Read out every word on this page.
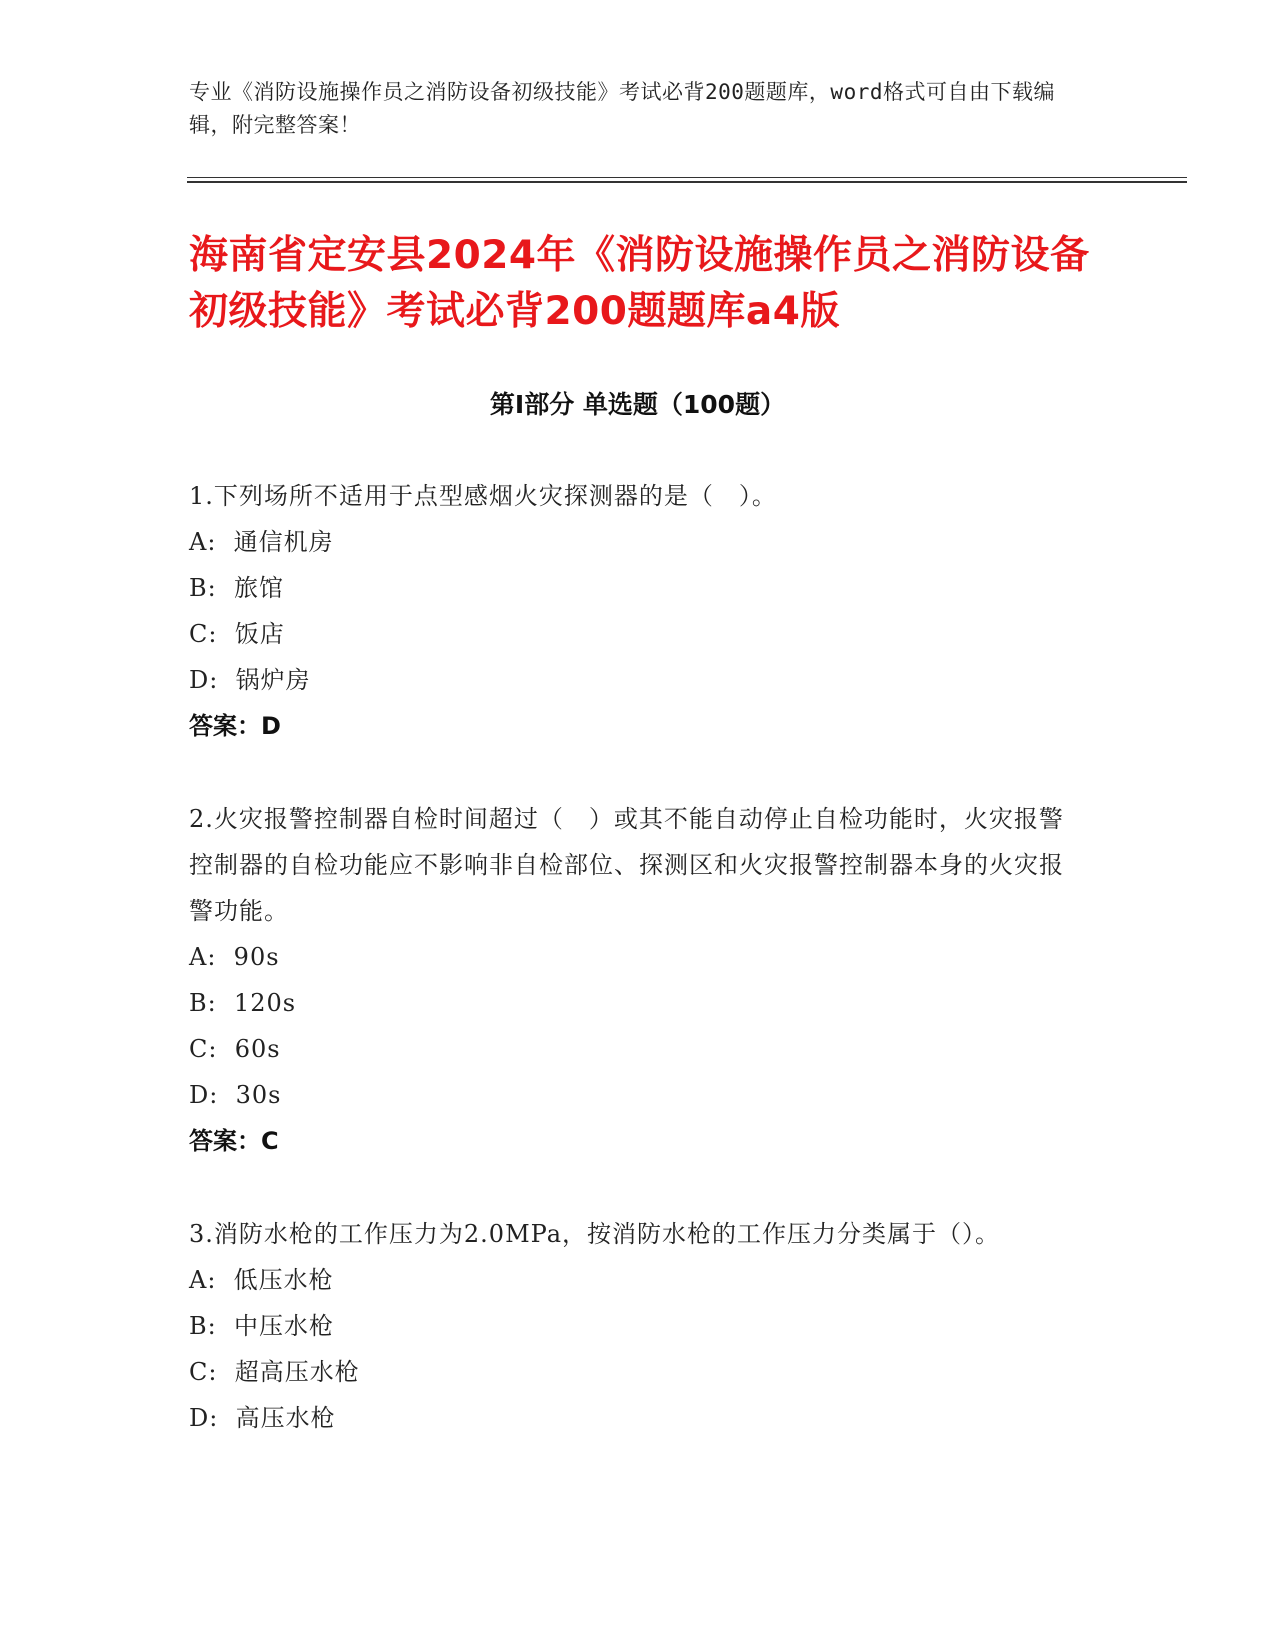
专业《消防设施操作员之消防设备初级技能》考试必背200题题库，word格式可自由下载编辑，附完整答案！
海南省定安县2024年《消防设施操作员之消防设备初级技能》考试必背200题题库a4版
第Ⅰ部分 单选题（100题）
1.下列场所不适用于点型感烟火灾探测器的是（　）。
A:  通信机房
B:  旅馆
C:  饭店
D:  锅炉房
答案：D
2.火灾报警控制器自检时间超过（　）或其不能自动停止自检功能时，火灾报警控制器的自检功能应不影响非自检部位、探测区和火灾报警控制器本身的火灾报警功能。
A:  90s
B:  120s
C:  60s
D:  30s
答案：C
3.消防水枪的工作压力为2.0MPa，按消防水枪的工作压力分类属于（）。
A:  低压水枪
B:  中压水枪
C:  超高压水枪
D:  高压水枪
